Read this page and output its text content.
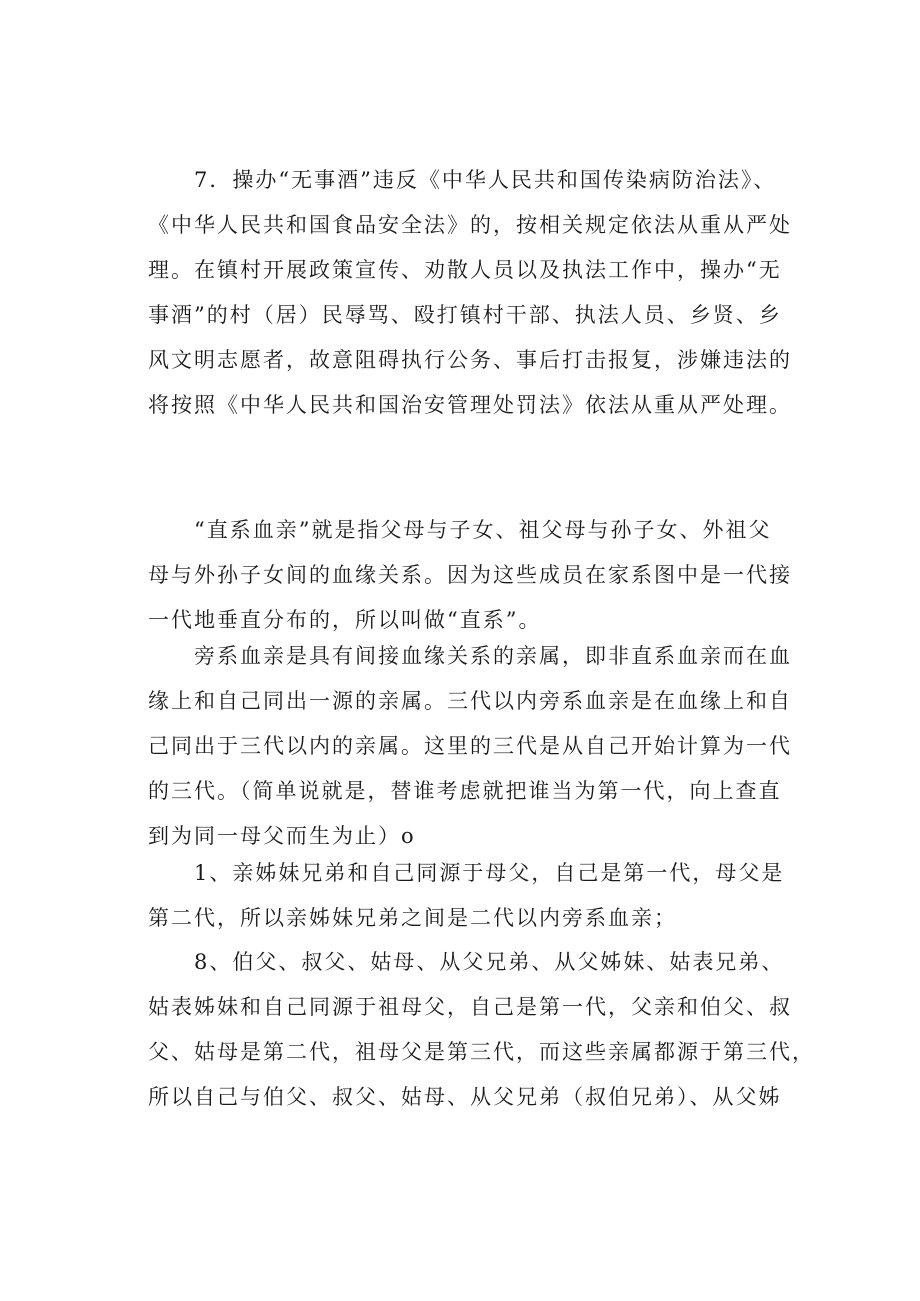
7．操办“无事酒”违反《中华人民共和国传染病防治法》、
《中华人民共和国食品安全法》的，按相关规定依法从重从严处
理。在镇村开展政策宣传、劝散人员以及执法工作中，操办“无
事酒”的村（居）民辱骂、殴打镇村干部、执法人员、乡贤、乡
风文明志愿者，故意阻碍执行公务、事后打击报复，涉嫌违法的
将按照《中华人民共和国治安管理处罚法》依法从重从严处理。
“直系血亲”就是指父母与子女、祖父母与孙子女、外祖父
母与外孙子女间的血缘关系。因为这些成员在家系图中是一代接
一代地垂直分布的，所以叫做“直系”。
旁系血亲是具有间接血缘关系的亲属，即非直系血亲而在血
缘上和自己同出一源的亲属。三代以内旁系血亲是在血缘上和自
己同出于三代以内的亲属。这里的三代是从自己开始计算为一代
的三代。（简单说就是，替谁考虑就把谁当为第一代，向上查直
到为同一母父而生为止）o
1、亲姊妹兄弟和自己同源于母父，自己是第一代，母父是
第二代，所以亲姊妹兄弟之间是二代以内旁系血亲；
8、伯父、叔父、姑母、从父兄弟、从父姊妹、姑表兄弟、
姑表姊妹和自己同源于祖母父，自己是第一代，父亲和伯父、叔
父、姑母是第二代，祖母父是第三代，而这些亲属都源于第三代，
所以自己与伯父、叔父、姑母、从父兄弟（叔伯兄弟）、从父姊
